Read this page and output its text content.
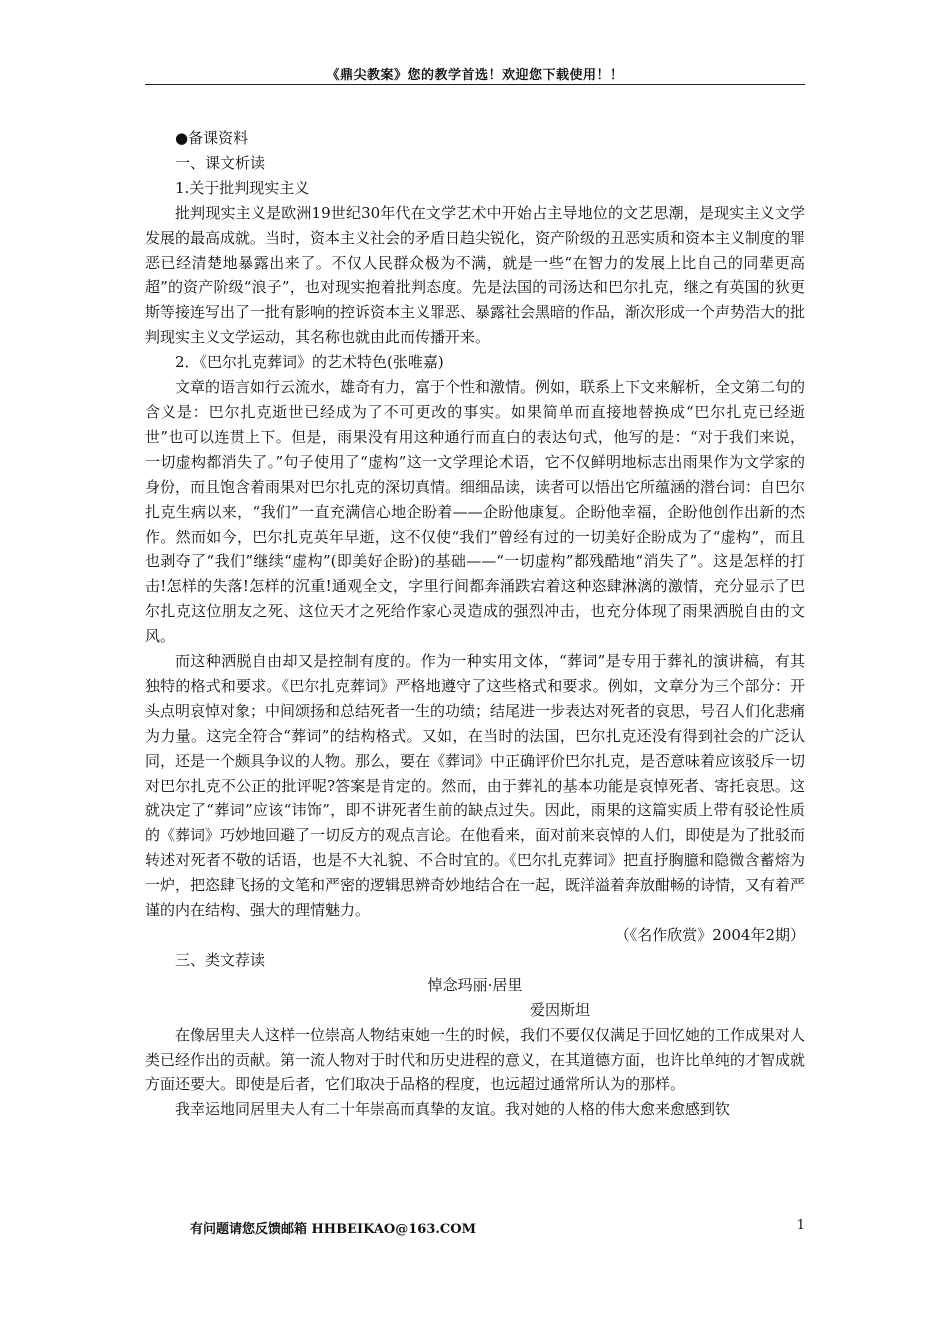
《鼎尖教案》您的教学首选！欢迎您下载使用！！

●备课资料

一、课文析读

1.关于批判现实主义

批判现实主义是欧洲19世纪30年代在文学艺术中开始占主导地位的文艺思潮，是现实主义文学发展的最高成就。当时，资本主义社会的矛盾日趋尖锐化，资产阶级的丑恶实质和资本主义制度的罪恶已经清楚地暴露出来了。不仅人民群众极为不满，就是一些“在智力的发展上比自己的同辈更高超”的资产阶级“浪子”，也对现实抱着批判态度。先是法国的司汤达和巴尔扎克，继之有英国的狄更斯等接连写出了一批有影响的控诉资本主义罪恶、暴露社会黑暗的作品，渐次形成一个声势浩大的批判现实主义文学运动，其名称也就由此而传播开来。

2．《巴尔扎克葬词》的艺术特色(张唯嘉)

文章的语言如行云流水，雄奇有力，富于个性和激情。例如，联系上下文来解析，全文第二句的含义是：巴尔扎克逝世已经成为了不可更改的事实。如果简单而直接地替换成“巴尔扎克已经逝世”也可以连贯上下。但是，雨果没有用这种通行而直白的表达句式，他写的是：“对于我们来说，一切虚构都消失了。”句子使用了“虚构”这一文学理论术语，它不仅鲜明地标志出雨果作为文学家的身份，而且饱含着雨果对巴尔扎克的深切真情。细细品读，读者可以悟出它所蕴涵的潜台词：自巴尔扎克生病以来，“我们”一直充满信心地企盼着——企盼他康复。企盼他幸福，企盼他创作出新的杰作。然而如今，巴尔扎克英年早逝，这不仅使“我们”曾经有过的一切美好企盼成为了“虚构”，而且也剥夺了“我们”继续“虚构”(即美好企盼)的基础——“一切虚构”都残酷地“消失了”。这是怎样的打击!怎样的失落!怎样的沉重!通观全文，字里行间都奔涌跌宕着这种恣肆淋漓的激情，充分显示了巴尔扎克这位朋友之死、这位天才之死给作家心灵造成的强烈冲击，也充分体现了雨果洒脱自由的文风。

而这种洒脱自由却又是控制有度的。作为一种实用文体，“葬词”是专用于葬礼的演讲稿，有其独特的格式和要求。《巴尔扎克葬词》严格地遵守了这些格式和要求。例如，文章分为三个部分：开头点明哀悼对象；中间颂扬和总结死者一生的功绩；结尾进一步表达对死者的哀思，号召人们化悲痛为力量。这完全符合“葬词”的结构格式。又如，在当时的法国，巴尔扎克还没有得到社会的广泛认同，还是一个颇具争议的人物。那么，要在《葬词》中正确评价巴尔扎克，是否意味着应该驳斥一切对巴尔扎克不公正的批评呢?答案是肯定的。然而，由于葬礼的基本功能是哀悼死者、寄托哀思。这就决定了“葬词”应该“讳饰”，即不讲死者生前的缺点过失。因此，雨果的这篇实质上带有驳论性质的《葬词》巧妙地回避了一切反方的观点言论。在他看来，面对前来哀悼的人们，即使是为了批驳而转述对死者不敬的话语，也是不大礼貌、不合时宜的。《巴尔扎克葬词》把直抒胸臆和隐微含蓄熔为一炉，把恣肆飞扬的文笔和严密的逻辑思辨奇妙地结合在一起，既洋溢着奔放酣畅的诗情，又有着严谨的内在结构、强大的理情魅力。

（《名作欣赏》2004年2期）

三、类文荐读

悼念玛丽·居里

爱因斯坦

在像居里夫人这样一位崇高人物结束她一生的时候，我们不要仅仅满足于回忆她的工作成果对人类已经作出的贡献。第一流人物对于时代和历史进程的意义，在其道德方面，也许比单纯的才智成就方面还要大。即使是后者，它们取决于品格的程度，也远超过通常所认为的那样。

我幸运地同居里夫人有二十年崇高而真挚的友谊。我对她的人格的伟大愈来愈感到钦

有问题请您反馈邮箱 HHBEIKAO@163.COM	1
